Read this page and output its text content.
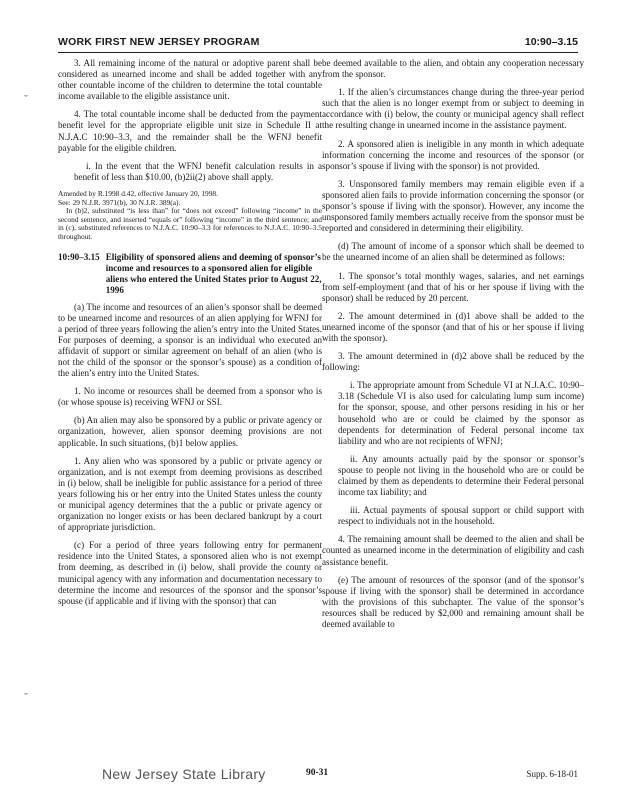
WORK FIRST NEW JERSEY PROGRAM	10:90–3.15
˘
˘

3. All remaining income of the natural or adoptive parent shall be considered as unearned income and shall be added together with any other countable income of the children to determine the total countable income available to the eligible assistance unit.

4. The total countable income shall be deducted from the payment benefit level for the appropriate eligible unit size in Schedule II at N.J.A.C 10:90–3.3, and the remainder shall be the WFNJ benefit payable for the eligible children.

i. In the event that the WFNJ benefit calculation results in a benefit of less than $10.00, (b)2ii(2) above shall apply.

Amended by R.1998 d.42, effective January 20, 1998.

See: 29 N.J.R. 3971(b), 30 N.J.R. 389(a).

In (b)2, substituted “is less than” for “does not exceed” following “income” in the second sentence, and inserted “equals or” following “income” in the third sentence; and in (c), substituted references to N.J.A.C. 10:90–3.3 for references to N.J.A.C. 10:90–3.5 throughout.

10:90–3.15 Eligibility of sponsored aliens and deeming of sponsor’s income and resources to a sponsored alien for eligible aliens who entered the United States prior to August 22, 1996

(a) The income and resources of an alien’s sponsor shall be deemed to be unearned income and resources of an alien applying for WFNJ for a period of three years following the alien’s entry into the United States. For purposes of deeming, a sponsor is an individual who executed an affidavit of support or similar agreement on behalf of an alien (who is not the child of the sponsor or the sponsor’s spouse) as a condition of the alien’s entry into the United States.

1. No income or resources shall be deemed from a sponsor who is (or whose spouse is) receiving WFNJ or SSI.

(b) An alien may also be sponsored by a public or private agency or organization, however, alien sponsor deeming provisions are not applicable. In such situations, (b)1 below applies.

1. Any alien who was sponsored by a public or private agency or organization, and is not exempt from deeming provisions as described in (i) below, shall be ineligible for public assistance for a period of three years following his or her entry into the United States unless the county or municipal agency determines that the a public or private agency or organization no longer exists or has been declared bankrupt by a court of appropriate jurisdiction.

(c) For a period of three years following entry for permanent residence into the United States, a sponsored alien who is not exempt from deeming, as described in (i) below, shall provide the county or municipal agency with any information and documentation necessary to determine the income and resources of the sponsor and the sponsor’s spouse (if applicable and if living with the sponsor) that can

be deemed available to the alien, and obtain any cooperation necessary from the sponsor.

1. If the alien’s circumstances change during the three-year period such that the alien is no longer exempt from or subject to deeming in accordance with (i) below, the county or municipal agency shall reflect the resulting change in unearned income in the assistance payment.

2. A sponsored alien is ineligible in any month in which adequate information concerning the income and resources of the sponsor (or sponsor’s spouse if living with the sponsor) is not provided.

3. Unsponsored family members may remain eligible even if a sponsored alien fails to provide information concerning the sponsor (or sponsor’s spouse if living with the sponsor). However, any income the unsponsored family members actually receive from the sponsor must be reported and considered in determining their eligibility.

(d) The amount of income of a sponsor which shall be deemed to be the unearned income of an alien shall be determined as follows:

1. The sponsor’s total monthly wages, salaries, and net earnings from self-employment (and that of his or her spouse if living with the sponsor) shall be reduced by 20 percent.

2. The amount determined in (d)1 above shall be added to the unearned income of the sponsor (and that of his or her spouse if living with the sponsor).

3. The amount determined in (d)2 above shall be reduced by the following:

i. The appropriate amount from Schedule VI at N.J.A.C. 10:90–3.18 (Schedule VI is also used for calculating lump sum income) for the sponsor, spouse, and other persons residing in his or her household who are or could be claimed by the sponsor as dependents for determination of Federal personal income tax liability and who are not recipients of WFNJ;

ii. Any amounts actually paid by the sponsor or sponsor’s spouse to people not living in the household who are or could be claimed by them as dependents to determine their Federal personal income tax liability; and

iii. Actual payments of spousal support or child support with respect to individuals not in the household.

4. The remaining amount shall be deemed to the alien and shall be counted as unearned income in the determination of eligibility and cash assistance benefit.

(e) The amount of resources of the sponsor (and of the sponsor’s spouse if living with the sponsor) shall be determined in accordance with the provisions of this subchapter. The value of the sponsor’s resources shall be reduced by $2,000 and remaining amount shall be deemed available to

New Jersey State Library	90-31	Supp. 6-18-01
